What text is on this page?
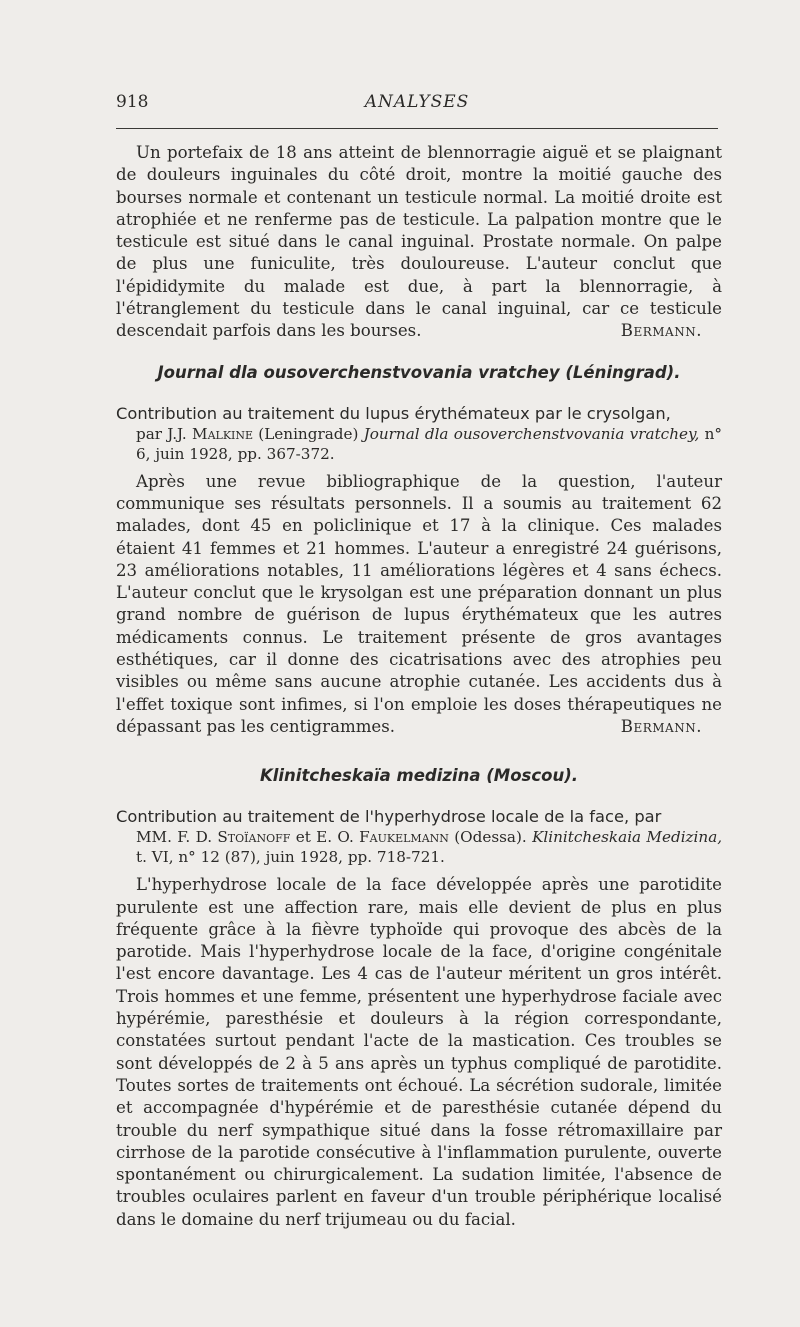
918	ANALYSES

Un portefaix de 18 ans atteint de blennorragie aiguë et se plaignant de douleurs inguinales du côté droit, montre la moitié gauche des bourses normale et contenant un testicule normal. La moitié droite est atrophiée et ne renferme pas de testicule. La palpation montre que le testicule est situé dans le canal inguinal. Prostate normale. On palpe de plus une funiculite, très douloureuse. L'auteur conclut que l'épididymite du malade est due, à part la blennorragie, à l'étranglement du testicule dans le canal inguinal, car ce testicule descendait parfois dans les bourses.	Bermann.

Journal dla ousoverchenstvovania vratchey (Léningrad).
Contribution au traitement du lupus érythémateux par le crysolgan,
par J.J. Malkine (Leningrade) Journal dla ousoverchenstvovania vratchey, n° 6, juin 1928, pp. 367-372.

Après une revue bibliographique de la question, l'auteur communique ses résultats personnels. Il a soumis au traitement 62 malades, dont 45 en policlinique et 17 à la clinique. Ces malades étaient 41 femmes et 21 hommes. L'auteur a enregistré 24 guérisons, 23 améliorations notables, 11 améliorations légères et 4 sans échecs. L'auteur conclut que le krysolgan est une préparation donnant un plus grand nombre de guérison de lupus érythémateux que les autres médicaments connus. Le traitement présente de gros avantages esthétiques, car il donne des cicatrisations avec des atrophies peu visibles ou même sans aucune atrophie cutanée. Les accidents dus à l'effet toxique sont infimes, si l'on emploie les doses thérapeutiques ne dépassant pas les centigrammes.	Bermann.

Klinitcheskaïa medizina (Moscou).
Contribution au traitement de l'hyperhydrose locale de la face, par
MM. F. D. Stoïanoff et E. O. Faukelmann (Odessa). Klinitcheskaia Medizina, t. VI, n° 12 (87), juin 1928, pp. 718-721.

L'hyperhydrose locale de la face développée après une parotidite purulente est une affection rare, mais elle devient de plus en plus fréquente grâce à la fièvre typhoïde qui provoque des abcès de la parotide. Mais l'hyperhydrose locale de la face, d'origine congénitale l'est encore davantage. Les 4 cas de l'auteur méritent un gros intérêt. Trois hommes et une femme, présentent une hyperhydrose faciale avec hypérémie, paresthésie et douleurs à la région correspondante, constatées surtout pendant l'acte de la mastication. Ces troubles se sont développés de 2 à 5 ans après un typhus compliqué de parotidite. Toutes sortes de traitements ont échoué. La sécrétion sudorale, limitée et accompagnée d'hypérémie et de paresthésie cutanée dépend du trouble du nerf sympathique situé dans la fosse rétromaxillaire par cirrhose de la parotide consécutive à l'inflammation purulente, ouverte spontanément ou chirurgicalement. La sudation limitée, l'absence de troubles oculaires parlent en faveur d'un trouble périphérique localisé dans le domaine du nerf trijumeau ou du facial.
